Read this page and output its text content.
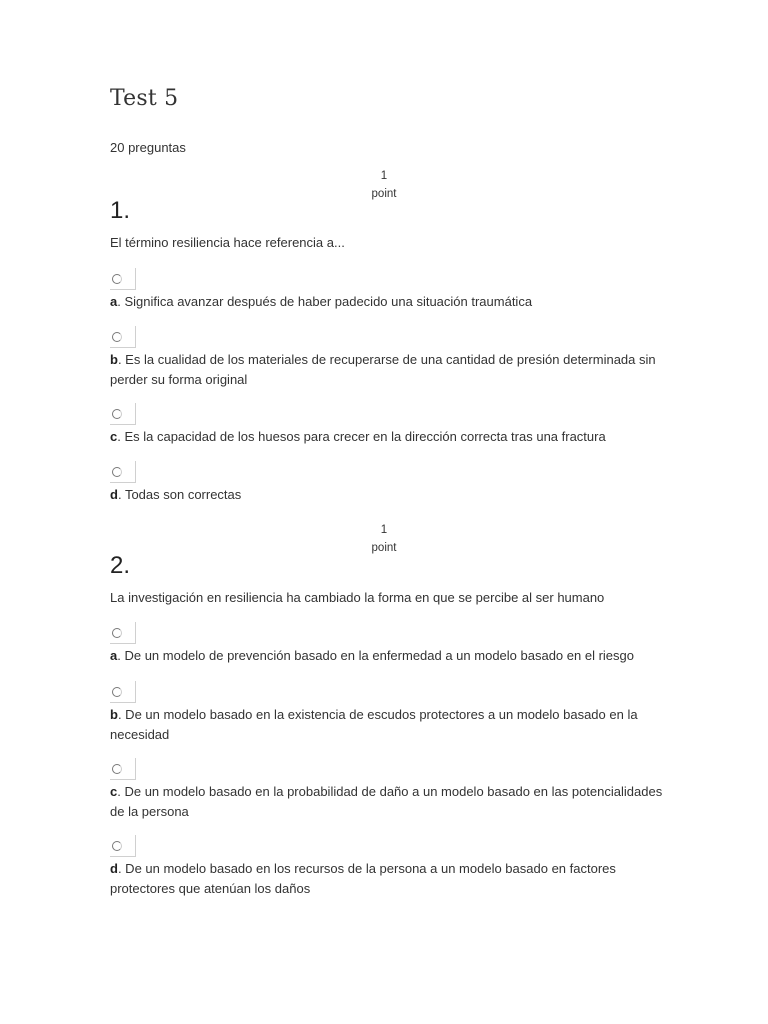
Test 5
20 preguntas
1
point
1.
El término resiliencia hace referencia a...
a. Significa avanzar después de haber padecido una situación traumática
b. Es la cualidad de los materiales de recuperarse de una cantidad de presión determinada sin perder su forma original
c. Es la capacidad de los huesos para crecer en la dirección correcta tras una fractura
d. Todas son correctas
1
point
2.
La investigación en resiliencia ha cambiado la forma en que se percibe al ser humano
a. De un modelo de prevención basado en la enfermedad a un modelo basado en el riesgo
b. De un modelo basado en la existencia de escudos protectores a un modelo basado en la necesidad
c. De un modelo basado en la probabilidad de daño a un modelo basado en las potencialidades de la persona
d. De un modelo basado en los recursos de la persona a un modelo basado en factores protectores que atenúan los daños
